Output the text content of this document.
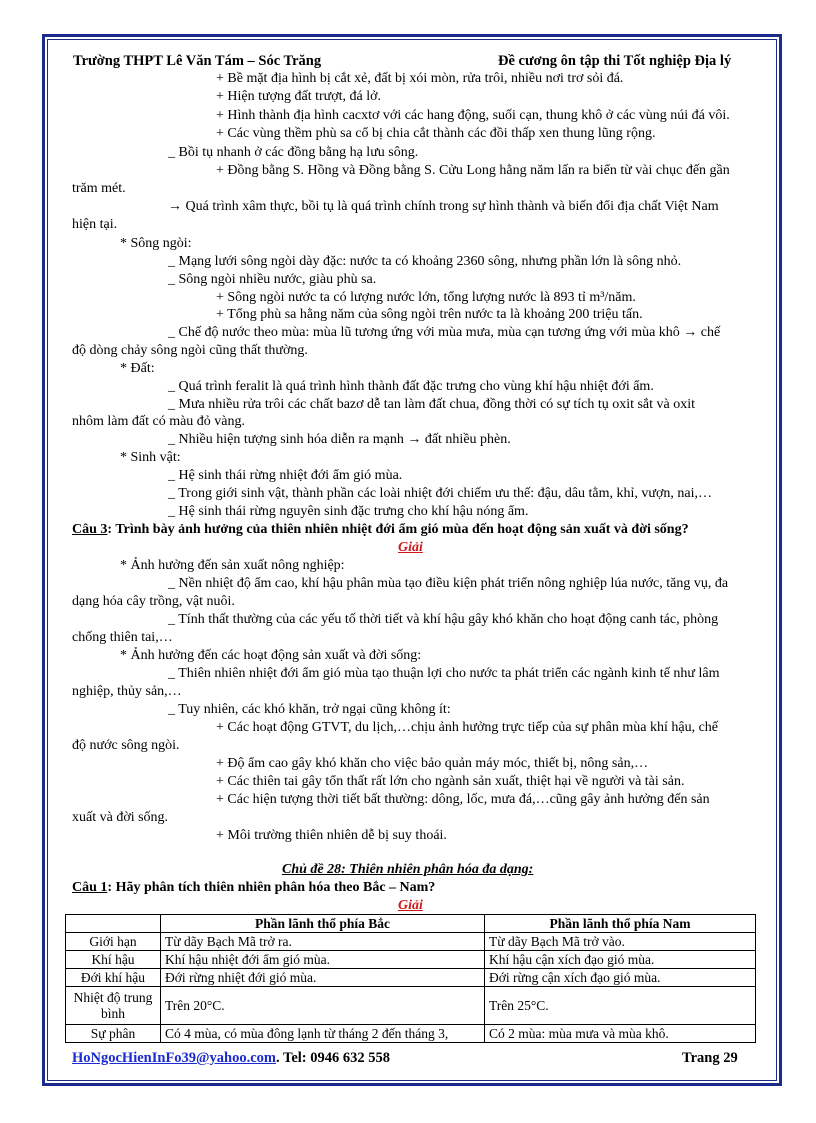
Trường THPT Lê Văn Tám – Sóc Trăng	Đề cương ôn tập thi Tốt nghiệp Địa lý
+ Bề mặt địa hình bị cắt xẻ, đất bị xói mòn, rửa trôi, nhiều nơi trơ sỏi đá.
+ Hiện tượng đất trượt, đá lở.
+ Hình thành địa hình cacxtơ với các hang động, suối cạn, thung khô ở các vùng núi đá vôi.
+ Các vùng thềm phù sa cổ bị chia cắt thành các đồi thấp xen thung lũng rộng.
_ Bồi tụ nhanh ở các đồng bằng hạ lưu sông.
+ Đồng bằng S. Hồng và Đồng bằng S. Cửu Long hằng năm lấn ra biển từ vài chục đến gần
trăm mét.
→ Quá trình xâm thực, bồi tụ là quá trình chính trong sự hình thành và biến đổi địa chất Việt Nam
hiện tại.
* Sông ngòi:
_ Mạng lưới sông ngòi dày đặc: nước ta có khoảng 2360 sông, nhưng phần lớn là sông nhỏ.
_ Sông ngòi nhiều nước, giàu phù sa.
+ Sông ngòi nước ta có lượng nước lớn, tổng lượng nước là 893 tỉ m³/năm.
+ Tổng phù sa hằng năm của sông ngòi trên nước ta là khoảng 200 triệu tấn.
_ Chế độ nước theo mùa: mùa lũ tương ứng với mùa mưa, mùa cạn tương ứng với mùa khô → chế
độ dòng chảy sông ngòi cũng thất thường.
* Đất:
_ Quá trình feralit là quá trình hình thành đất đặc trưng cho vùng khí hậu nhiệt đới ẩm.
_ Mưa nhiều rửa trôi các chất bazơ dễ tan làm đất chua, đồng thời có sự tích tụ oxit sắt và oxit
nhôm làm đất có màu đỏ vàng.
_ Nhiều hiện tượng sinh hóa diễn ra mạnh → đất nhiều phèn.
* Sinh vật:
_ Hệ sinh thái rừng nhiệt đới ẩm gió mùa.
_ Trong giới sinh vật, thành phần các loài nhiệt đới chiếm ưu thế: đậu, dâu tằm, khỉ, vượn, nai,…
_ Hệ sinh thái rừng nguyên sinh đặc trưng cho khí hậu nóng ẩm.
Câu 3: Trình bày ảnh hưởng của thiên nhiên nhiệt đới ẩm gió mùa đến hoạt động sản xuất và đời sống?
Giải
* Ảnh hưởng đến sản xuất nông nghiệp:
_ Nền nhiệt độ ẩm cao, khí hậu phân mùa tạo điều kiện phát triển nông nghiệp lúa nước, tăng vụ, đa
dạng hóa cây trồng, vật nuôi.
_ Tính thất thường của các yếu tố thời tiết và khí hậu gây khó khăn cho hoạt động canh tác, phòng
chống thiên tai,…
* Ảnh hưởng đến các hoạt động sản xuất và đời sống:
_ Thiên nhiên nhiệt đới ẩm gió mùa tạo thuận lợi cho nước ta phát triển các ngành kinh tế như lâm
nghiệp, thủy sản,…
_ Tuy nhiên, các khó khăn, trở ngại cũng không ít:
+ Các hoạt động GTVT, du lịch,…chịu ảnh hưởng trực tiếp của sự phân mùa khí hậu, chế
độ nước sông ngòi.
+ Độ ẩm cao gây khó khăn cho việc bảo quản máy móc, thiết bị, nông sản,…
+ Các thiên tai gây tổn thất rất lớn cho ngành sản xuất, thiệt hại về người và tài sản.
+ Các hiện tượng thời tiết bất thường: dông, lốc, mưa đá,…cũng gây ảnh hưởng đến sản
xuất và đời sống.
+ Môi trường thiên nhiên dễ bị suy thoái.
Chủ đề 28: Thiên nhiên phân hóa đa dạng:
Câu 1: Hãy phân tích thiên nhiên phân hóa theo Bắc – Nam?
Giải
	Phần lãnh thổ phía Bắc	Phần lãnh thổ phía Nam
Giới hạn	Từ dãy Bạch Mã trở ra.	Từ dãy Bạch Mã trở vào.
Khí hậu	Khí hậu nhiệt đới ẩm gió mùa.	Khí hậu cận xích đạo gió mùa.
Đới khí hậu	Đới rừng nhiệt đới gió mùa.	Đới rừng cận xích đạo gió mùa.
Nhiệt độ trung bình	Trên 20°C.	Trên 25°C.
Sự phân	Có 4 mùa, có mùa đông lạnh từ tháng 2 đến tháng 3,	Có 2 mùa: mùa mưa và mùa khô.
HoNgocHienInFo39@yahoo.com. Tel: 0946 632 558	Trang 29
